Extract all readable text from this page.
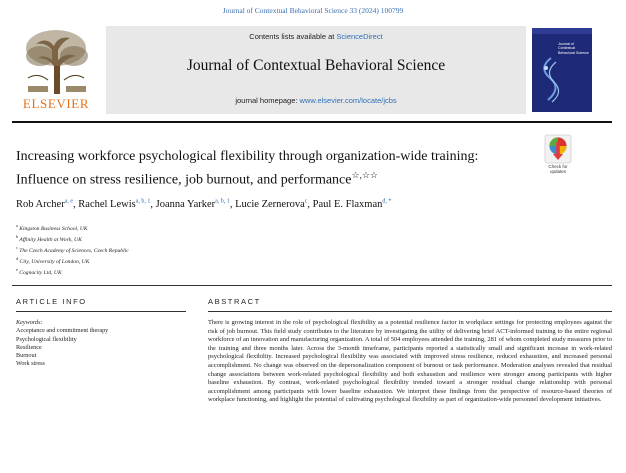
Journal of Contextual Behavioral Science 33 (2024) 100799
ELSEVIER
Contents lists available at ScienceDirect
Journal of Contextual Behavioral Science
journal homepage: www.elsevier.com/locate/jcbs
Journal of Contextual Behavioral Science
Check for
updates
Increasing workforce psychological flexibility through organization-wide training: Influence on stress resilience, job burnout, and performance☆,☆☆
Rob Archer$^{a, e}$, Rachel Lewis$^{a, b, 1}$, Joanna Yarker$^{a, b, 1}$, Lucie Zernerova$^c$, Paul E. Flaxman$^{d, *}$
$^a$ Kingston Business School, UK
$^b$ Affinity Health at Work, UK
$^c$ The Czech Academy of Sciences, Czech Republic
$^d$ City, University of London, UK
$^e$ Cognacity Ltd, UK
ARTICLE INFO	ABSTRACT
Keywords:
Acceptance and commitment therapy
Psychological flexibility
Resilience
Burnout
Work stress
There is growing interest in the role of psychological flexibility as a potential resilience factor in workplace settings for protecting employees against the risk of job burnout. This field study contributes to the literature by investigating the utility of delivering brief ACT-informed training to the entire regional workforce of an innovation and manufacturing organization. A total of 504 employees attended the training, 281 of whom completed study measures prior to the training and three months later. Across the 3-month timeframe, participants reported a statistically small and significant increase in work-related psychological flexibility. Increased psychological flexibility was associated with improved stress resilience, reduced exhaustion, and increased personal accomplishment. No change was observed on the depersonalization component of burnout or task performance. Moderation analyses revealed that residual change associations between work-related psychological flexibility and both exhaustion and resilience were stronger among participants with higher baseline exhaustion. By contrast, work-related psychological flexibility trended toward a stronger residual change relationship with personal accomplishment among participants with lower baseline exhaustion. We interpret these findings from the perspective of resource-based theories of workplace functioning, and highlight the potential of cultivating psychological flexibility as part of organization-wide personnel development initiatives.
